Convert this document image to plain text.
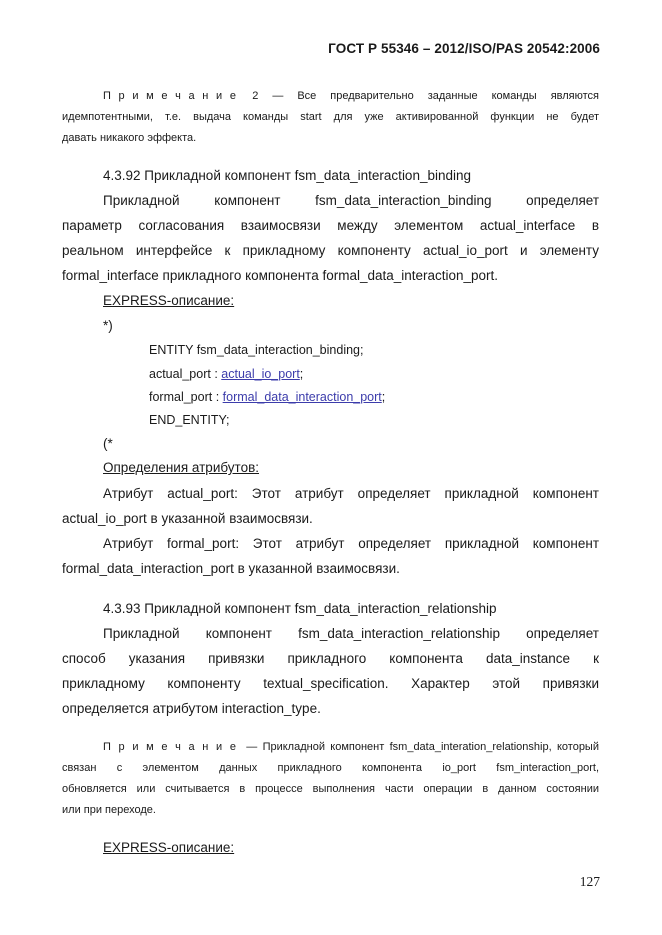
ГОСТ Р 55346 – 2012/ISO/PAS 20542:2006
П р и м е ч а н и е 2 — Все предварительно заданные команды являются
идемпотентными, т.е. выдача команды start для уже активированной функции не будет
давать никакого эффекта.
4.3.92 Прикладной компонент fsm_data_interaction_binding
Прикладной компонент fsm_data_interaction_binding определяет
параметр согласования взаимосвязи между элементом actual_interface в
реальном интерфейсе к прикладному компоненту actual_io_port и элементу
formal_interface прикладного компонента formal_data_interaction_port.
EXPRESS-описание:
*)
ENTITY fsm_data_interaction_binding;
actual_port : actual_io_port;
formal_port : formal_data_interaction_port;
END_ENTITY;
(*
Определения атрибутов:
Атрибут actual_port: Этот атрибут определяет прикладной компонент
actual_io_port в указанной взаимосвязи.
Атрибут formal_port: Этот атрибут определяет прикладной компонент
formal_data_interaction_port в указанной взаимосвязи.
4.3.93 Прикладной компонент fsm_data_interaction_relationship
Прикладной компонент fsm_data_interaction_relationship определяет
способ указания привязки прикладного компонента data_instance к
прикладному компоненту textual_specification. Характер этой привязки
определяется атрибутом interaction_type.
П р и м е ч а н и е — Прикладной компонент fsm_data_interation_relationship, который
связан с элементом данных прикладного компонента io_port fsm_interaction_port,
обновляется или считывается в процессе выполнения части операции в данном состоянии
или при переходе.
EXPRESS-описание:
127
